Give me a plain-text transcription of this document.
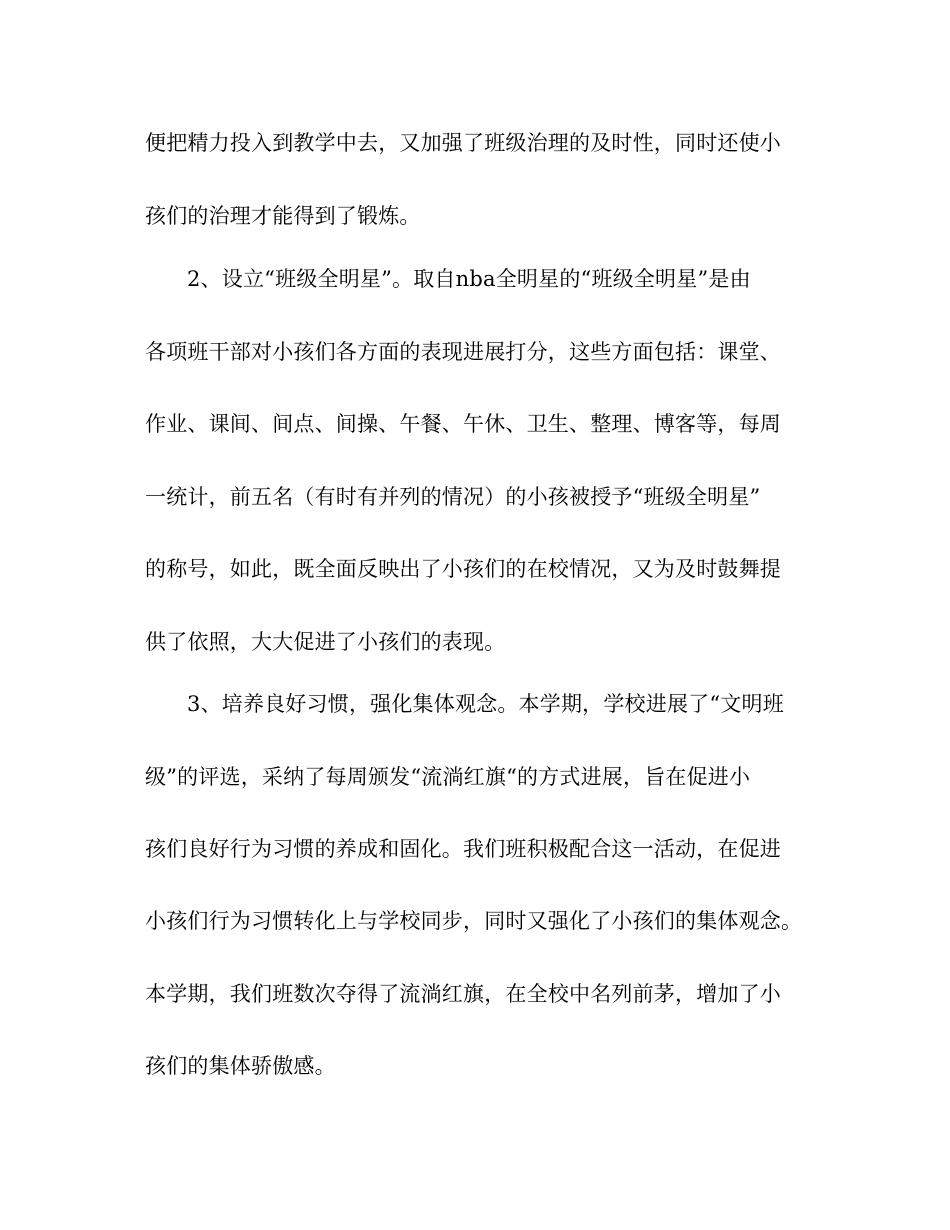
便把精力投入到教学中去，又加强了班级治理的及时性，同时还使小
孩们的治理才能得到了锻炼。
2、设立“班级全明星”。取自nba全明星的“班级全明星”是由
各项班干部对小孩们各方面的表现进展打分，这些方面包括：课堂、
作业、课间、间点、间操、午餐、午休、卫生、整理、博客等，每周
一统计，前五名（有时有并列的情况）的小孩被授予“班级全明星”
的称号，如此，既全面反映出了小孩们的在校情况，又为及时鼓舞提
供了依照，大大促进了小孩们的表现。
3、培养良好习惯，强化集体观念。本学期，学校进展了“文明班
级”的评选，采纳了每周颁发“流淌红旗“的方式进展，旨在促进小
孩们良好行为习惯的养成和固化。我们班积极配合这一活动，在促进
小孩们行为习惯转化上与学校同步，同时又强化了小孩们的集体观念。
本学期，我们班数次夺得了流淌红旗，在全校中名列前茅，增加了小
孩们的集体骄傲感。
